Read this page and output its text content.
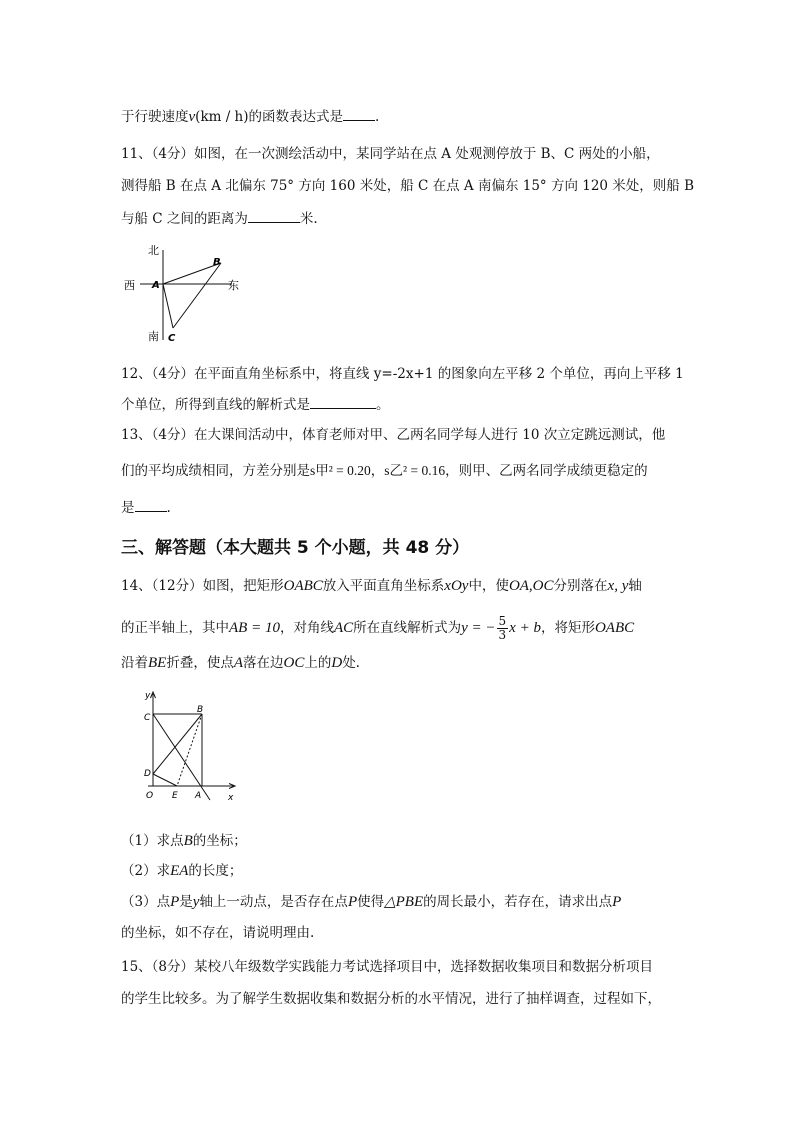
于行驶速度v(km / h)的函数表达式是 .
11、（4分）如图，在一次测绘活动中，某同学站在点 A 处观测停放于 B、C 两处的小船，
测得船 B 在点 A 北偏东 75° 方向 160 米处，船 C 在点 A 南偏东 15° 方向 120 米处，则船 B
与船 C 之间的距离为	米.
北
西	东
南
A
B
C
12、（4分）在平面直角坐标系中，将直线 y=-2x+1 的图象向左平移 2 个单位，再向上平移 1
个单位，所得到直线的解析式是	。
13、（4分）在大课间活动中，体育老师对甲、乙两名同学每人进行 10 次立定跳远测试，他
们的平均成绩相同，方差分别是s甲² = 0.20，s乙² = 0.16，则甲、乙两名同学成绩更稳定的
是 .
三、解答题（本大题共 5 个小题，共 48 分）
14、（12分）如图，把矩形OABC放入平面直角坐标系xOy中，使OA,OC分别落在x, y轴
的正半轴上，其中AB = 10，对角线AC所在直线解析式为y = − $\frac{5}{3}$ x + b，将矩形OABC
沿着BE折叠，使点A落在边OC上的D处.
y
x
C
B
D
O E A
（1）求点B的坐标；
（2）求EA的长度；
（3）点P是y轴上一动点，是否存在点P使得△PBE的周长最小，若存在，请求出点P
的坐标，如不存在，请说明理由.
15、（8分）某校八年级数学实践能力考试选择项目中，选择数据收集项目和数据分析项目
的学生比较多。为了解学生数据收集和数据分析的水平情况，进行了抽样调查，过程如下，
